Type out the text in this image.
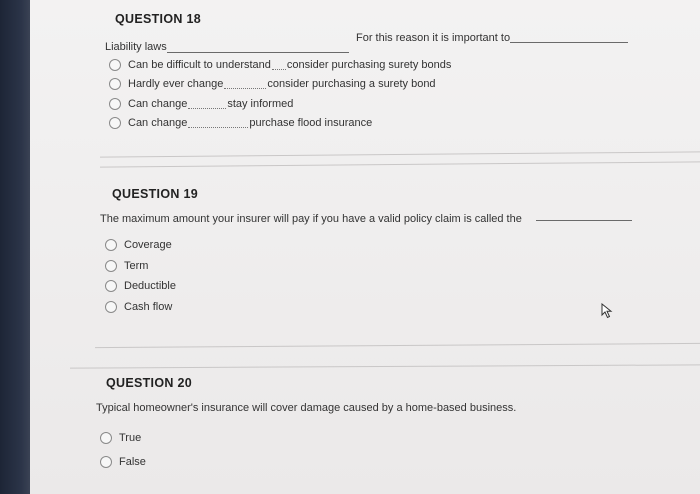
QUESTION 18
Liability laws
For this reason it is important to
Can be difficult to understand consider purchasing surety bonds
Hardly ever change	consider purchasing a surety bond
Can change	stay informed
Can change	purchase flood insurance
QUESTION 19
The maximum amount your insurer will pay if you have a valid policy claim is called the
Coverage
Term
Deductible
Cash flow
QUESTION 20
Typical homeowner's insurance will cover damage caused by a home-based business.
True
False
